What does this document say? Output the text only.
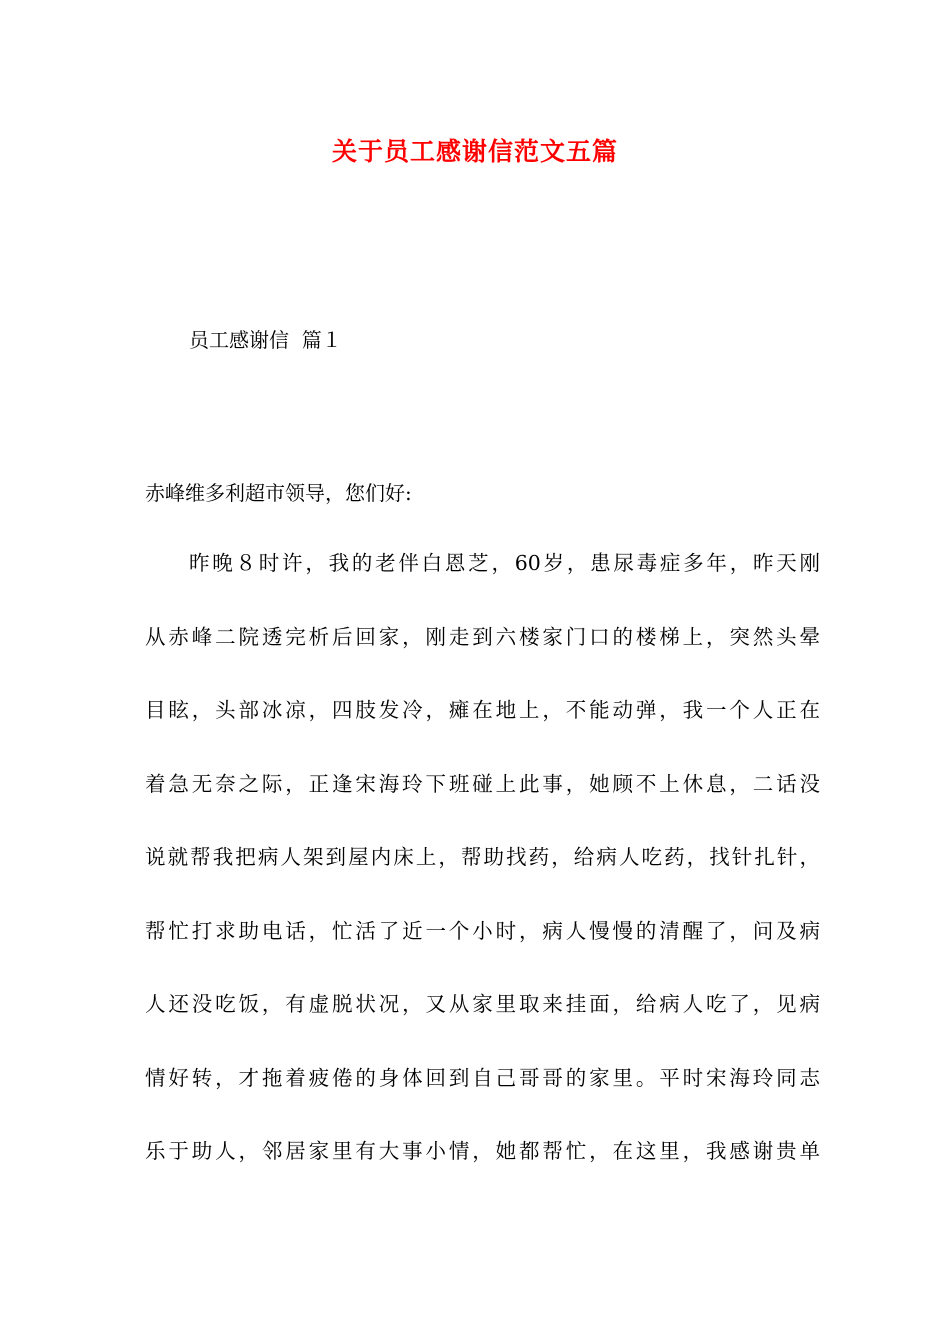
关于员工感谢信范文五篇
员工感谢信  篇１
赤峰维多利超市领导，您们好:
昨晚８时许，我的老伴白恩芝，60岁，患尿毒症多年，昨天刚
从赤峰二院透完析后回家，刚走到六楼家门口的楼梯上，突然头晕
目眩，头部冰凉，四肢发冷，瘫在地上，不能动弹，我一个人正在
着急无奈之际，正逢宋海玲下班碰上此事，她顾不上休息，二话没
说就帮我把病人架到屋内床上，帮助找药，给病人吃药，找针扎针，
帮忙打求助电话，忙活了近一个小时，病人慢慢的清醒了，问及病
人还没吃饭，有虚脱状况，又从家里取来挂面，给病人吃了，见病
情好转，才拖着疲倦的身体回到自己哥哥的家里。平时宋海玲同志
乐于助人，邻居家里有大事小情，她都帮忙，在这里，我感谢贵单
